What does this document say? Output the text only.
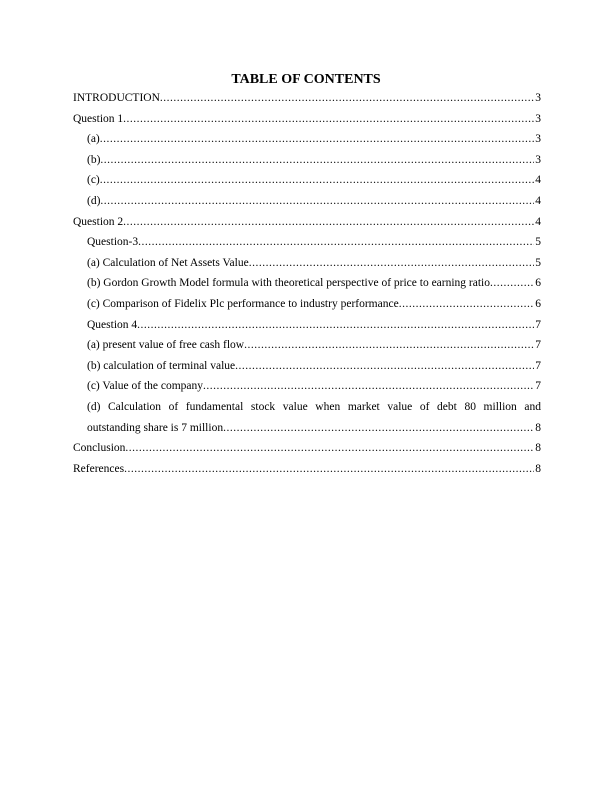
TABLE OF CONTENTS
INTRODUCTION .....	3
Question 1 .....	3
(a) .....	3
(b) .....	3
(c) .....	4
(d) .....	4
Question 2 .....	4
Question-3 .....	5
(a) Calculation of Net Assets Value .....	5
(b) Gordon Growth Model formula with theoretical perspective of price to earning ratio .....	6
(c) Comparison of Fidelix Plc performance to industry performance .....	6
Question 4 .....	7
(a) present value of free cash flow .....	7
(b) calculation of terminal value .....	7
(c) Value of the company .....	7
(d) Calculation of fundamental stock value when market value of debt 80 million and
outstanding share is 7 million .....	8
Conclusion .....	8
References .....	8
